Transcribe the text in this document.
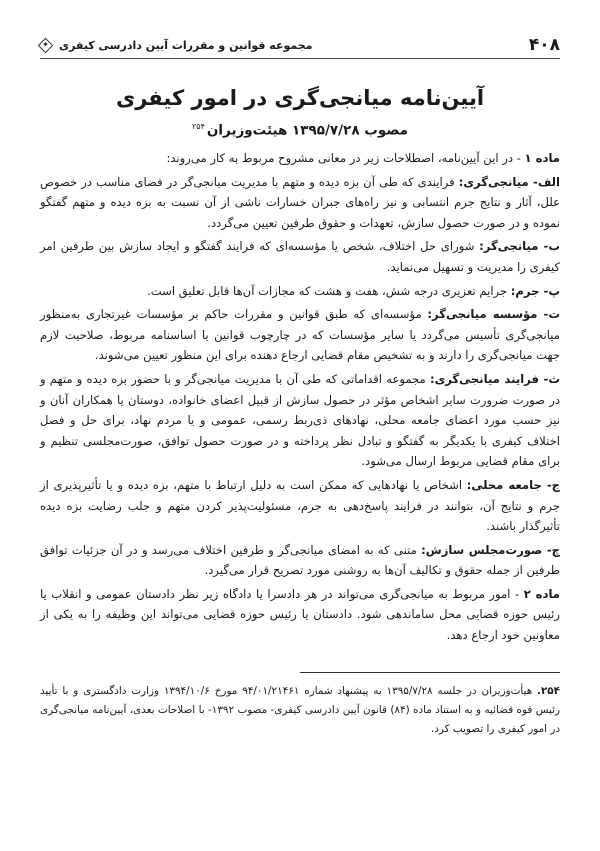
۴۰۸
مجموعه قوانین و مقررات آیین دادرسی کیفری
آیین‌نامه میانجی‌گری در امور کیفری
مصوب ۱۳۹۵/۷/۲۸ هیئت‌وزیران$^{۲۵۴}$

ماده ۱ - در این آیین‌نامه، اصطلاحات زیر در معانی مشروح مربوط به کار می‌روند:

الف- میانجی‌گری: فرایندی که طی آن بزه دیده و متهم با مدیریت میانجی‌گر در فضای مناسب در خصوص علل، آثار و نتایج جرم انتسابی و نیز راه‌های جبران خسارات ناشی از آن نسبت به بزه دیده و متهم گفتگو نموده و در صورت حصول سازش، تعهدات و حقوق طرفین تعیین می‌گردد.

ب- میانجی‌گر: شورای حل اختلاف، شخص یا مؤسسه‌ای که فرایند گفتگو و ایجاد سازش بین طرفین امر کیفری را مدیریت و تسهیل می‌نماید.

پ- جرم: جرایم تعزیری درجه شش، هفت و هشت که مجازات آن‌ها قابل تعلیق است.

ت- مؤسسه میانجی‌گر: مؤسسه‌ای که طبق قوانین و مقررات حاکم بر مؤسسات غیرتجاری به‌منظور میانجی‌گری تأسیس می‌گردد یا سایر مؤسسات که در چارچوب قوانین یا اساسنامه مربوط، صلاحیت لازم جهت میانجی‌گری را دارند و به تشخیص مقام قضایی ارجاع دهنده برای این منظور تعیین می‌شوند.

ث- فرایند میانجی‌گری: مجموعه اقداماتی که طی آن با مدیریت میانجی‌گر و با حضور بزه دیده و متهم و در صورت ضرورت سایر اشخاص مؤثر در حصول سازش از قبیل اعضای خانواده، دوستان یا همکاران آنان و نیز حسب مورد اعضای جامعه محلی، نهادهای ذی‌ربط رسمی، عمومی و یا مردم نهاد، برای حل و فصل اختلاف کیفری با یکدیگر به گفتگو و تبادل نظر پرداخته و در صورت حصول توافق، صورت‌مجلسی تنظیم و برای مقام قضایی مربوط ارسال می‌شود.

ج- جامعه محلی: اشخاص یا نهادهایی که ممکن است به دلیل ارتباط با متهم، بزه دیده و یا تأثیرپذیری از جرم و نتایج آن، بتوانند در فرایند پاسخ‌دهی به جرم، مسئولیت‌پذیر کردن متهم و جلب رضایت بزه دیده تأثیرگذار باشند.

چ- صورت‌مجلس سازش: متنی که به امضای میانجی‌گر و طرفین اختلاف می‌رسد و در آن جزئیات توافق طرفین از جمله حقوق و تکالیف آن‌ها به روشنی مورد تصریح قرار می‌گیرد.

ماده ۲ - امور مربوط به میانجی‌گری می‌تواند در هر دادسرا یا دادگاه زیر نظر دادستان عمومی و انقلاب یا رئیس حوزه قضایی محل ساماندهی شود. دادستان یا رئیس حوزه قضایی می‌تواند این وظیفه را به یکی از معاونین خود ارجاع دهد.

۲۵۴. هیأت‌وزیران در جلسه ۱۳۹۵/۷/۲۸ به پیشنهاد شماره ۹۴/۰۱/۲۱۴۶۱ مورخ ۱۳۹۴/۱۰/۶ وزارت دادگستری و با تأیید رئیس قوه قضائیه و به استناد ماده (۸۴) قانون آیین دادرسی کیفری- مصوب ۱۳۹۲- با اصلاحات بعدی، آیین‌نامه میانجی‌گری در امور کیفری را تصویب کرد.
